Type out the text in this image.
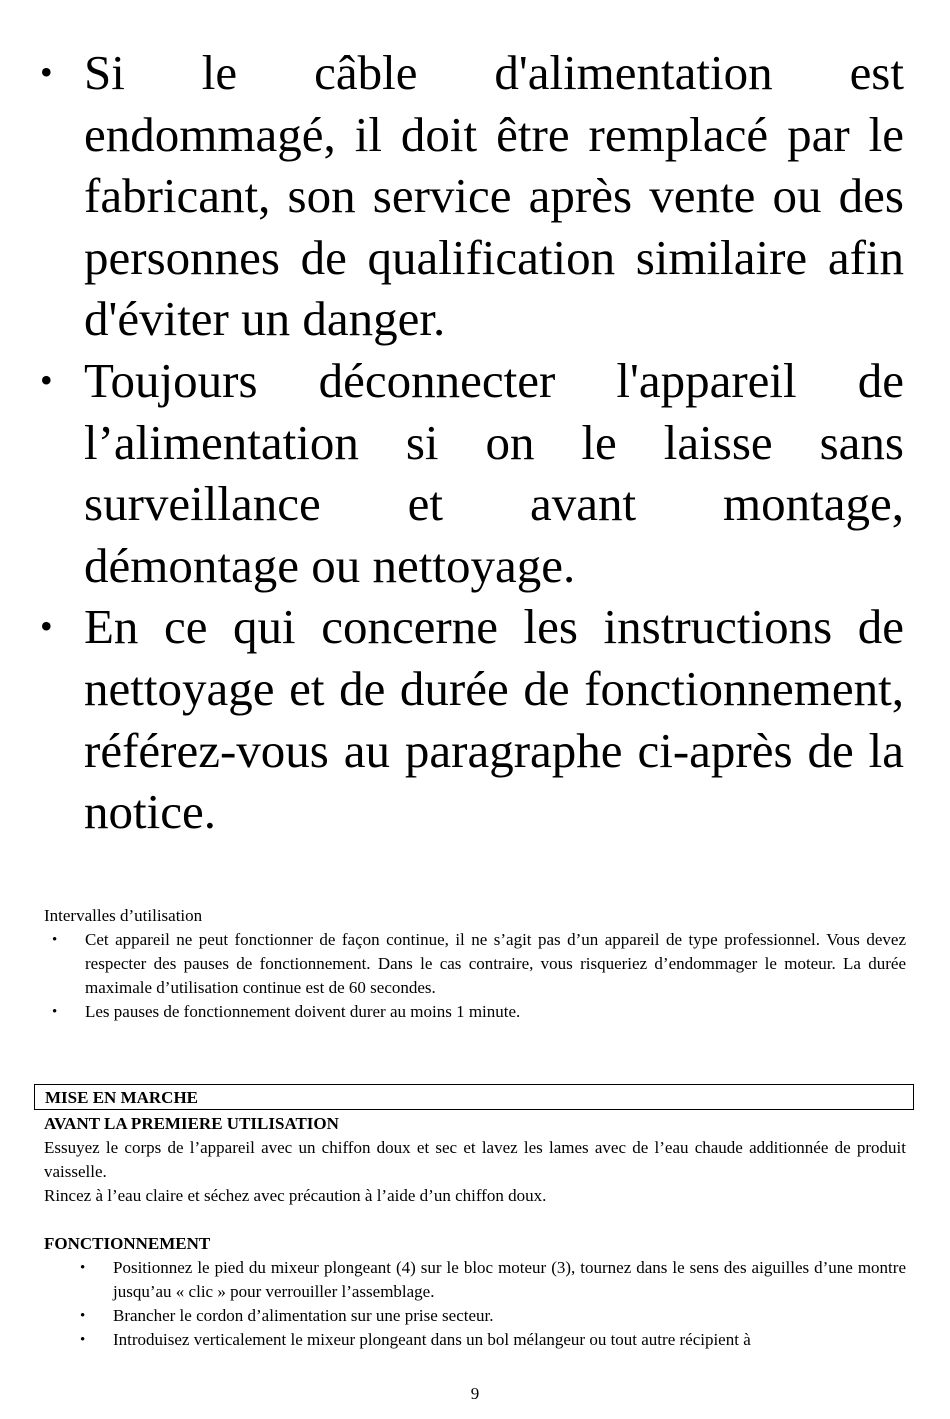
• Si le câble d'alimentation est endommagé, il doit être remplacé par le fabricant, son service après vente ou des personnes de qualification similaire afin d'éviter un danger.
• Toujours déconnecter l'appareil de l’alimentation si on le laisse sans surveillance et avant montage, démontage ou nettoyage.
• En ce qui concerne les instructions de nettoyage et de durée de fonctionnement, référez-vous au paragraphe ci-après de la notice.

Intervalles d’utilisation

• Cet appareil ne peut fonctionner de façon continue, il ne s’agit pas d’un appareil de type professionnel. Vous devez respecter des pauses de fonctionnement. Dans le cas contraire, vous risqueriez d’endommager le moteur. La durée maximale d’utilisation continue est de 60 secondes.
• Les pauses de fonctionnement doivent durer au moins 1 minute.
MISE EN MARCHE

AVANT LA PREMIERE UTILISATION

Essuyez le corps de l’appareil avec un chiffon doux et sec et lavez les lames avec de l’eau chaude additionnée de produit vaisselle.

Rincez à l’eau claire et séchez avec précaution à l’aide d’un chiffon doux.

FONCTIONNEMENT

• Positionnez le pied du mixeur plongeant (4) sur le bloc moteur (3), tournez dans le sens des aiguilles d’une montre jusqu’au « clic » pour verrouiller l’assemblage.
• Brancher le cordon d’alimentation sur une prise secteur.
• Introduisez verticalement le mixeur plongeant dans un bol mélangeur ou tout autre récipient à
9
